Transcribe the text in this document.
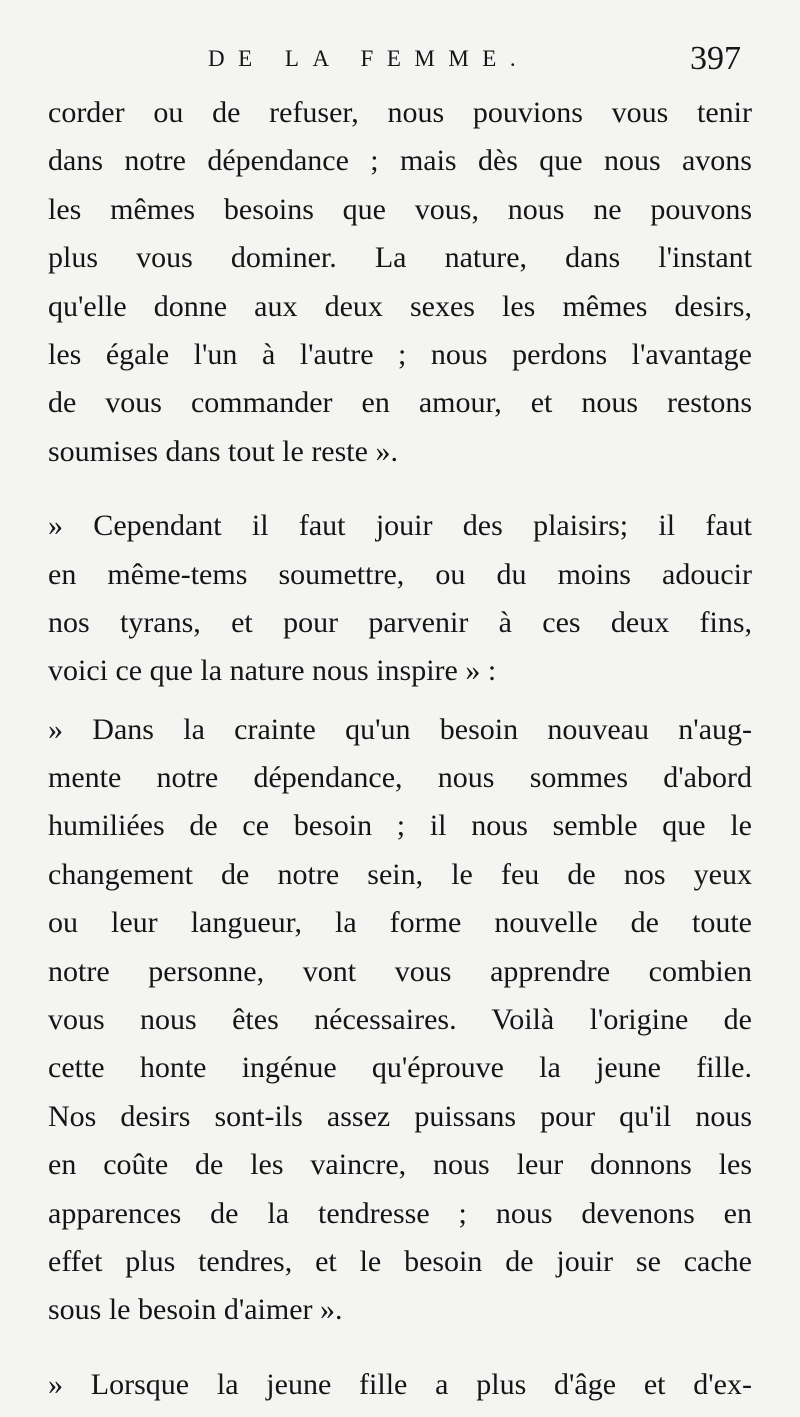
DE LA FEMME.	397
corder ou de refuser, nous pouvions vous tenir
dans notre dépendance ; mais dès que nous avons
les mêmes besoins que vous, nous ne pouvons
plus vous dominer. La nature, dans l'instant
qu'elle donne aux deux sexes les mêmes desirs,
les égale l'un à l'autre ; nous perdons l'avantage
de vous commander en amour, et nous restons
soumises dans tout le reste ».
» Cependant il faut jouir des plaisirs; il faut
en même-tems soumettre, ou du moins adoucir
nos tyrans, et pour parvenir à ces deux fins,
voici ce que la nature nous inspire » :
» Dans la crainte qu'un besoin nouveau n'aug-
mente notre dépendance, nous sommes d'abord
humiliées de ce besoin ; il nous semble que le
changement de notre sein, le feu de nos yeux
ou leur langueur, la forme nouvelle de toute
notre personne, vont vous apprendre combien
vous nous êtes nécessaires. Voilà l'origine de
cette honte ingénue qu'éprouve la jeune fille.
Nos desirs sont-ils assez puissans pour qu'il nous
en coûte de les vaincre, nous leur donnons les
apparences de la tendresse ; nous devenons en
effet plus tendres, et le besoin de jouir se cache
sous le besoin d'aimer ».
» Lorsque la jeune fille a plus d'âge et d'ex-
